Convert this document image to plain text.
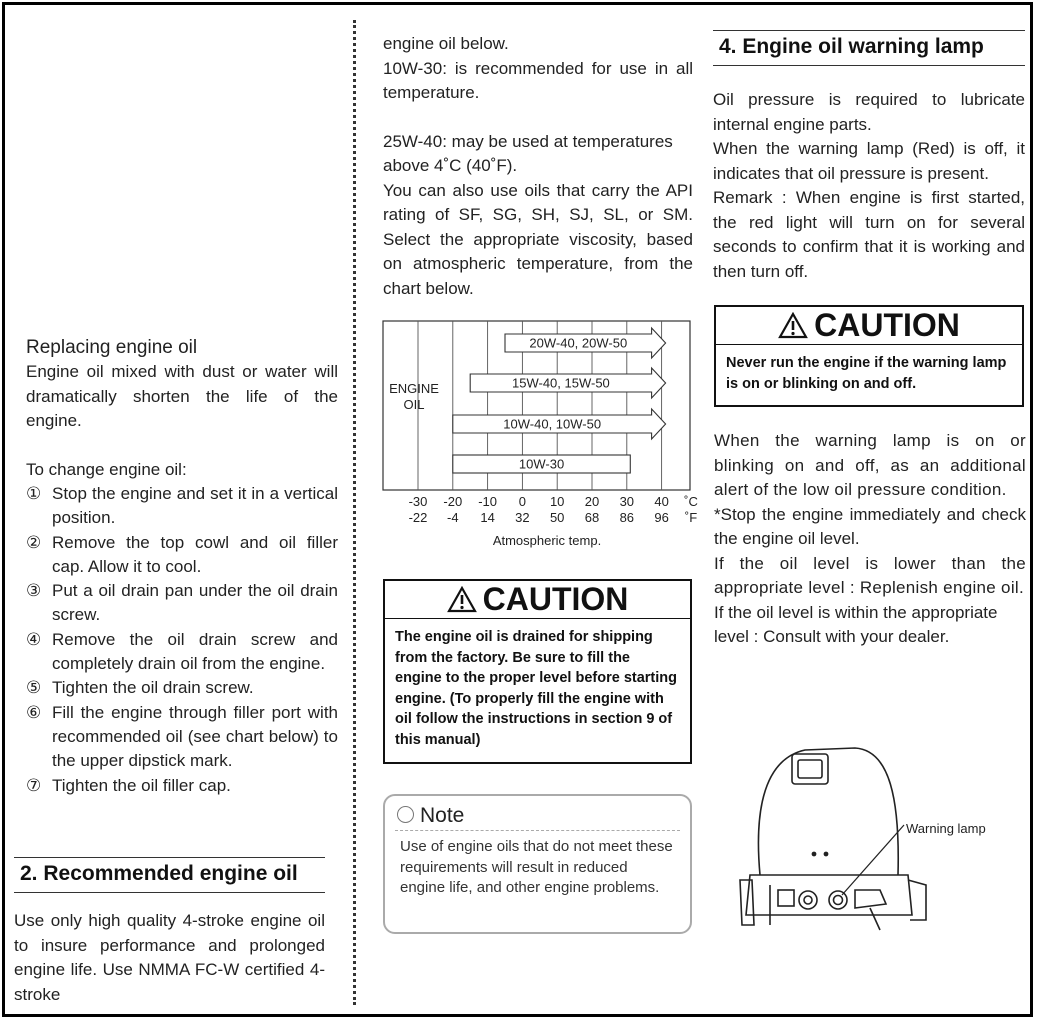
Replacing engine oil

Engine oil mixed with dust or water will dramatically shorten the life of the engine.

To change engine oil:

① Stop the engine and set it in a vertical position.
② Remove the top cowl and oil filler cap. Allow it to cool.
③ Put a oil drain pan under the oil drain screw.
④ Remove the oil drain screw and completely drain oil from the engine.
⑤ Tighten the oil drain screw.
⑥ Fill the engine through filler port with recommended oil (see chart below) to the upper dipstick mark.
⑦ Tighten the oil filler cap.
2. Recommended engine oil

Use only high quality 4-stroke engine oil to insure performance and prolonged engine life. Use NMMA FC-W certified 4-stroke

engine oil below.

10W-30: is recommended for use in all temperature.

25W-40: may be used at temperatures above 4˚C (40˚F).

You can also use oils that carry the API rating of SF, SG, SH, SJ, SL, or SM. Select the appropriate viscosity, based on atmospheric temperature, from the chart below.

ENGINE
OIL
20W-40, 20W-50
15W-40, 15W-50
10W-40, 10W-50
10W-30
-30 -20 -10 0 10 20 30 40
-22 -4 14 32 50 68 86 96
˚C
˚F
Atmospheric temp.
CAUTION
The engine oil is drained for shipping from the factory. Be sure to fill the engine to the proper level before starting engine. (To properly fill the engine with oil follow the instructions in section 9 of this manual)
Note
Use of engine oils that do not meet these requirements will result in reduced engine life, and other engine problems.
4. Engine oil warning lamp

Oil pressure is required to lubricate internal engine parts.

When the warning lamp (Red) is off, it indicates that oil pressure is present.

Remark : When engine is first started, the red light will turn on for several seconds to confirm that it is working and then turn off.

CAUTION
Never run the engine if the warning lamp is on or blinking on and off.

When the warning lamp is on or blinking on and off, as an additional alert of the low oil pressure condition.

*Stop the engine immediately and check the engine oil level.

If the oil level is lower than the appropriate level : Replenish engine oil.

If the oil level is within the appropriate level : Consult with your dealer.

Warning lamp
